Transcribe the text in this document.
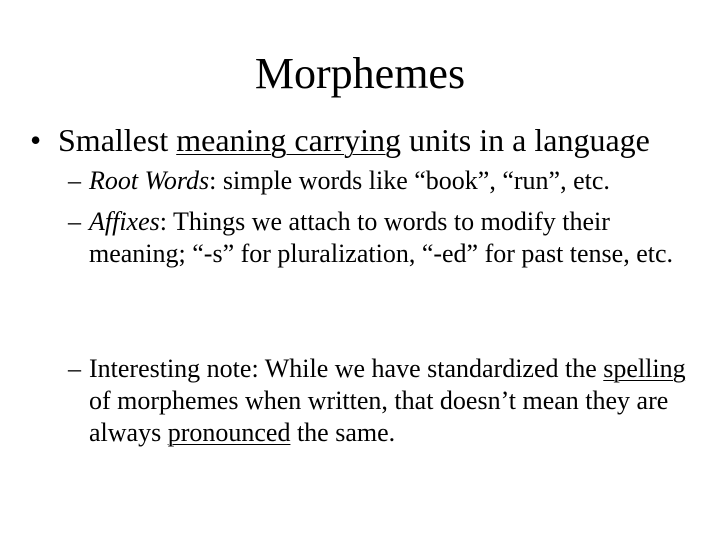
Morphemes
• Smallest meaning carrying units in a language
– Root Words: simple words like “book”, “run”, etc.
– Affixes: Things we attach to words to modify their meaning; “-s” for pluralization, “-ed” for past tense, etc.
– Interesting note: While we have standardized the spelling of morphemes when written, that doesn’t mean they are always pronounced the same.
